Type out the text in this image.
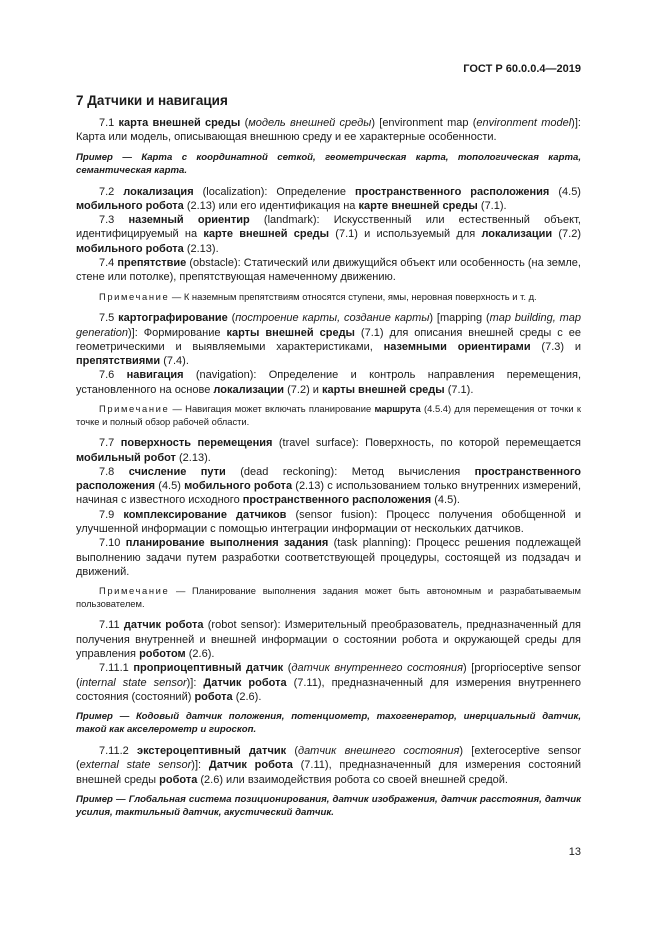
ГОСТ Р 60.0.0.4—2019
7 Датчики и навигация

7.1 карта внешней среды (модель внешней среды) [environment map (environment model)]: Карта или модель, описывающая внешнюю среду и ее характерные особенности.

Пример — Карта с координатной сеткой, геометрическая карта, топологическая карта, семантическая карта.

7.2 локализация (localization): Определение пространственного расположения (4.5) мобильного робота (2.13) или его идентификация на карте внешней среды (7.1).

7.3 наземный ориентир (landmark): Искусственный или естественный объект, идентифицируемый на карте внешней среды (7.1) и используемый для локализации (7.2) мобильного робота (2.13).

7.4 препятствие (obstacle): Статический или движущийся объект или особенность (на земле, стене или потолке), препятствующая намеченному движению.

Примечание — К наземным препятствиям относятся ступени, ямы, неровная поверхность и т. д.

7.5 картографирование (построение карты, создание карты) [mapping (map building, map generation)]: Формирование карты внешней среды (7.1) для описания внешней среды с ее геометрическими и выявляемыми характеристиками, наземными ориентирами (7.3) и препятствиями (7.4).

7.6 навигация (navigation): Определение и контроль направления перемещения, установленного на основе локализации (7.2) и карты внешней среды (7.1).

Примечание — Навигация может включать планирование маршрута (4.5.4) для перемещения от точки к точке и полный обзор рабочей области.

7.7 поверхность перемещения (travel surface): Поверхность, по которой перемещается мобильный робот (2.13).

7.8 счисление пути (dead reckoning): Метод вычисления пространственного расположения (4.5) мобильного робота (2.13) с использованием только внутренних измерений, начиная с известного исходного пространственного расположения (4.5).

7.9 комплексирование датчиков (sensor fusion): Процесс получения обобщенной и улучшенной информации с помощью интеграции информации от нескольких датчиков.

7.10 планирование выполнения задания (task planning): Процесс решения подлежащей выполнению задачи путем разработки соответствующей процедуры, состоящей из подзадач и движений.

Примечание — Планирование выполнения задания может быть автономным и разрабатываемым пользователем.

7.11 датчик робота (robot sensor): Измерительный преобразователь, предназначенный для получения внутренней и внешней информации о состоянии робота и окружающей среды для управления роботом (2.6).

7.11.1 проприоцептивный датчик (датчик внутреннего состояния) [proprioceptive sensor (internal state sensor)]: Датчик робота (7.11), предназначенный для измерения внутреннего состояния (состояний) робота (2.6).

Пример — Кодовый датчик положения, потенциометр, тахогенератор, инерциальный датчик, такой как акселерометр и гироскоп.

7.11.2 экстероцептивный датчик (датчик внешнего состояния) [exteroceptive sensor (external state sensor)]: Датчик робота (7.11), предназначенный для измерения состояний внешней среды робота (2.6) или взаимодействия робота со своей внешней средой.

Пример — Глобальная система позиционирования, датчик изображения, датчик расстояния, датчик усилия, тактильный датчик, акустический датчик.

13
